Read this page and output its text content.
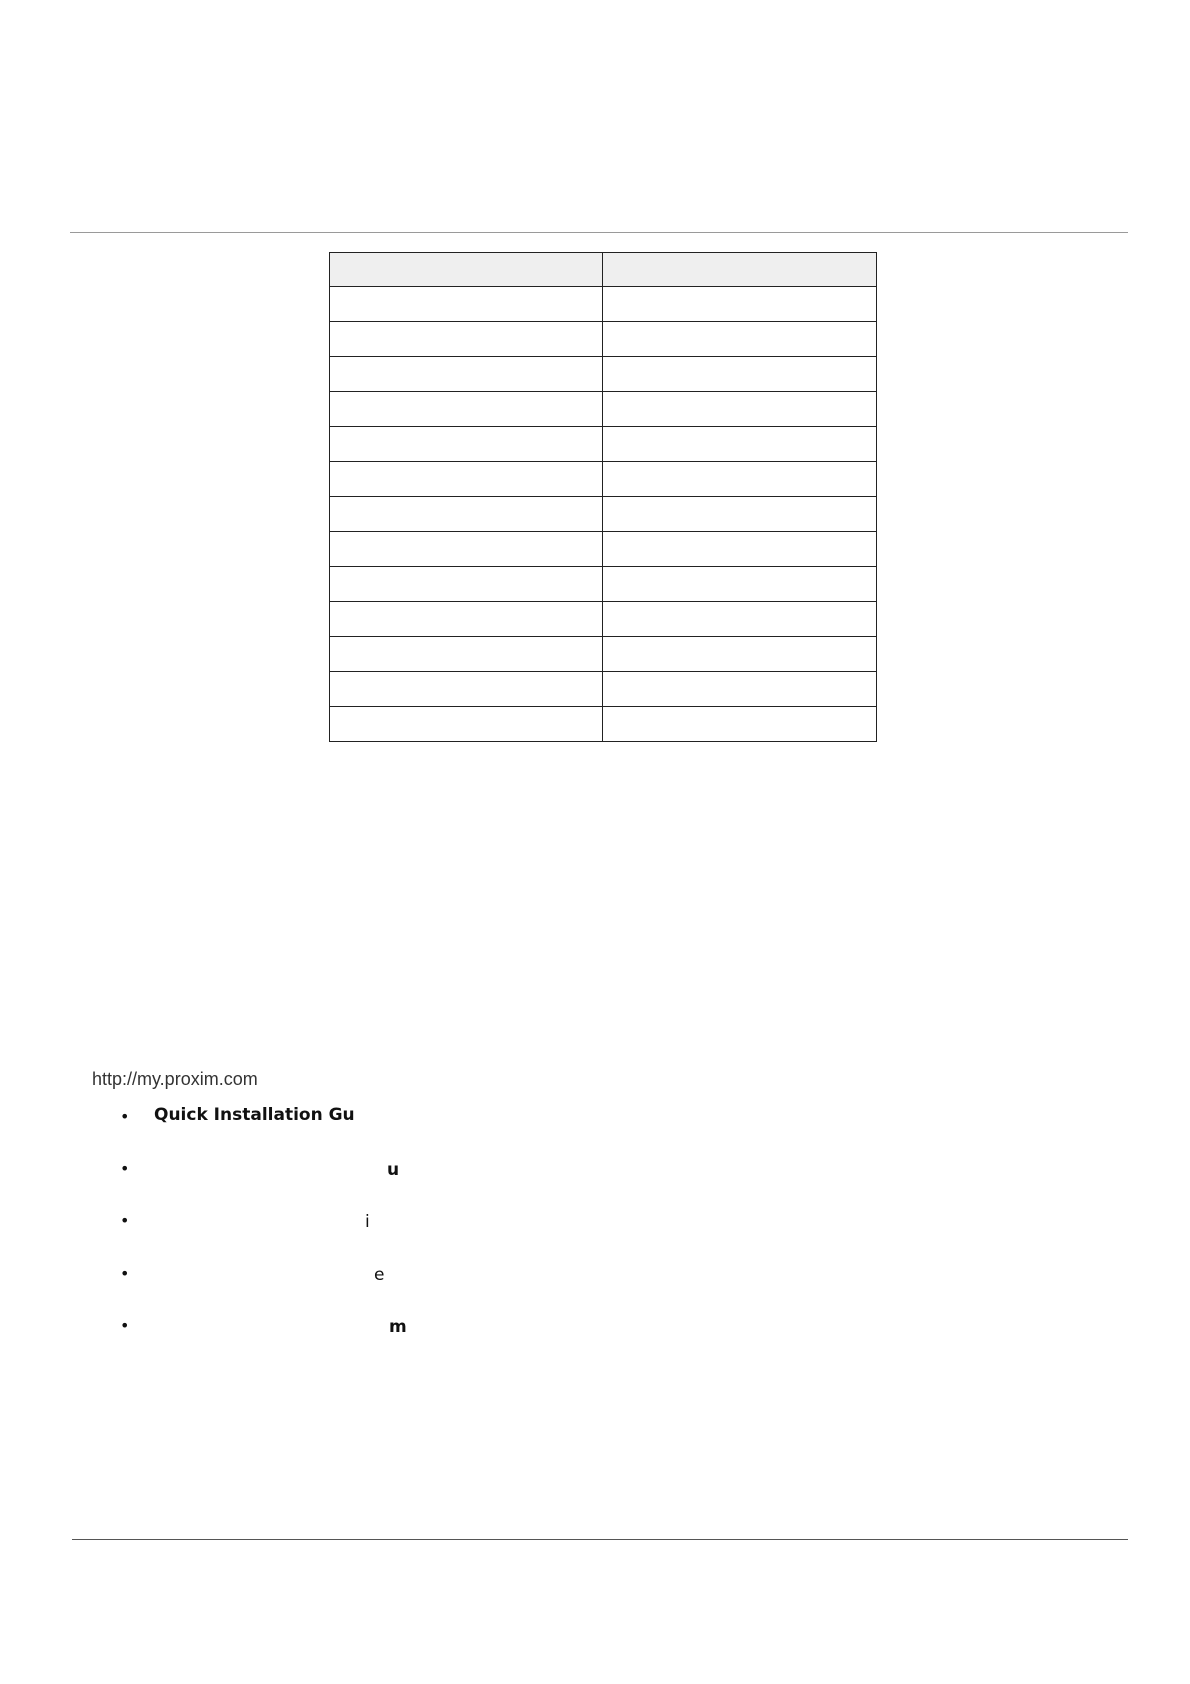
http://my.proxim.com
• Quick Installation Gu
•	u
•	i
•	e
•	m
